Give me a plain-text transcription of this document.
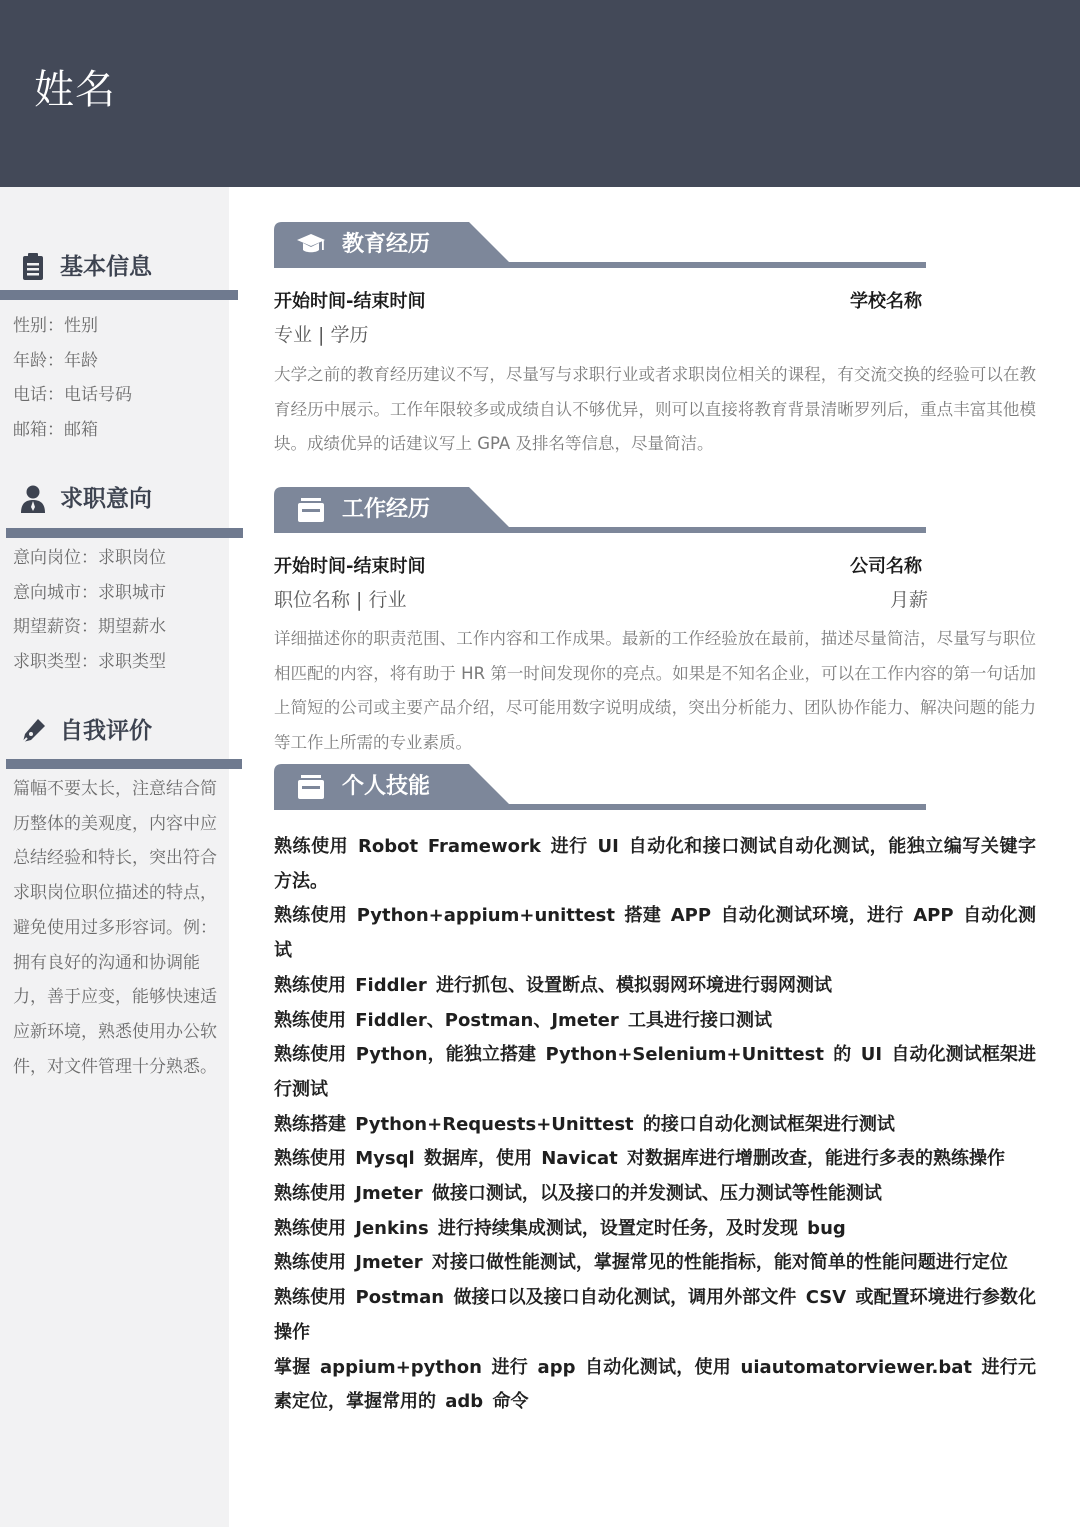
姓名
基本信息
性别：性别
年龄：年龄
电话：电话号码
邮箱：邮箱
求职意向
意向岗位：求职岗位
意向城市：求职城市
期望薪资：期望薪水
求职类型：求职类型
自我评价

篇幅不要太长，注意结合简历整体的美观度，内容中应总结经验和特长，突出符合求职岗位职位描述的特点，避免使用过多形容词。例：拥有良好的沟通和协调能力，善于应变，能够快速适应新环境，熟悉使用办公软件，对文件管理十分熟悉。

教育经历
开始时间-结束时间	学校名称
专业 | 学历

大学之前的教育经历建议不写，尽量写与求职行业或者求职岗位相关的课程，有交流交换的经验可以在教育经历中展示。工作年限较多或成绩自认不够优异，则可以直接将教育背景清晰罗列后，重点丰富其他模块。成绩优异的话建议写上 GPA 及排名等信息，尽量简洁。

工作经历
开始时间-结束时间	公司名称
职位名称 | 行业	月薪

详细描述你的职责范围、工作内容和工作成果。最新的工作经验放在最前，描述尽量简洁，尽量写与职位相匹配的内容，将有助于 HR 第一时间发现你的亮点。如果是不知名企业，可以在工作内容的第一句话加上简短的公司或主要产品介绍，尽可能用数字说明成绩，突出分析能力、团队协作能力、解决问题的能力等工作上所需的专业素质。

个人技能
熟练使用 Robot Framework 进行 UI 自动化和接口测试自动化测试，能独立编写关键字方法。
熟练使用 Python+appium+unittest 搭建 APP 自动化测试环境，进行 APP 自动化测试
熟练使用 Fiddler 进行抓包、设置断点、模拟弱网环境进行弱网测试
熟练使用 Fiddler、Postman、Jmeter 工具进行接口测试
熟练使用 Python，能独立搭建 Python+Selenium+Unittest 的 UI 自动化测试框架进行测试
熟练搭建 Python+Requests+Unittest 的接口自动化测试框架进行测试
熟练使用 Mysql 数据库，使用 Navicat 对数据库进行增删改查，能进行多表的熟练操作
熟练使用 Jmeter 做接口测试，以及接口的并发测试、压力测试等性能测试
熟练使用 Jenkins 进行持续集成测试，设置定时任务，及时发现 bug
熟练使用 Jmeter 对接口做性能测试，掌握常见的性能指标，能对简单的性能问题进行定位
熟练使用 Postman 做接口以及接口自动化测试，调用外部文件 CSV 或配置环境进行参数化操作
掌握 appium+python 进行 app 自动化测试，使用 uiautomatorviewer.bat 进行元素定位，掌握常用的 adb 命令
